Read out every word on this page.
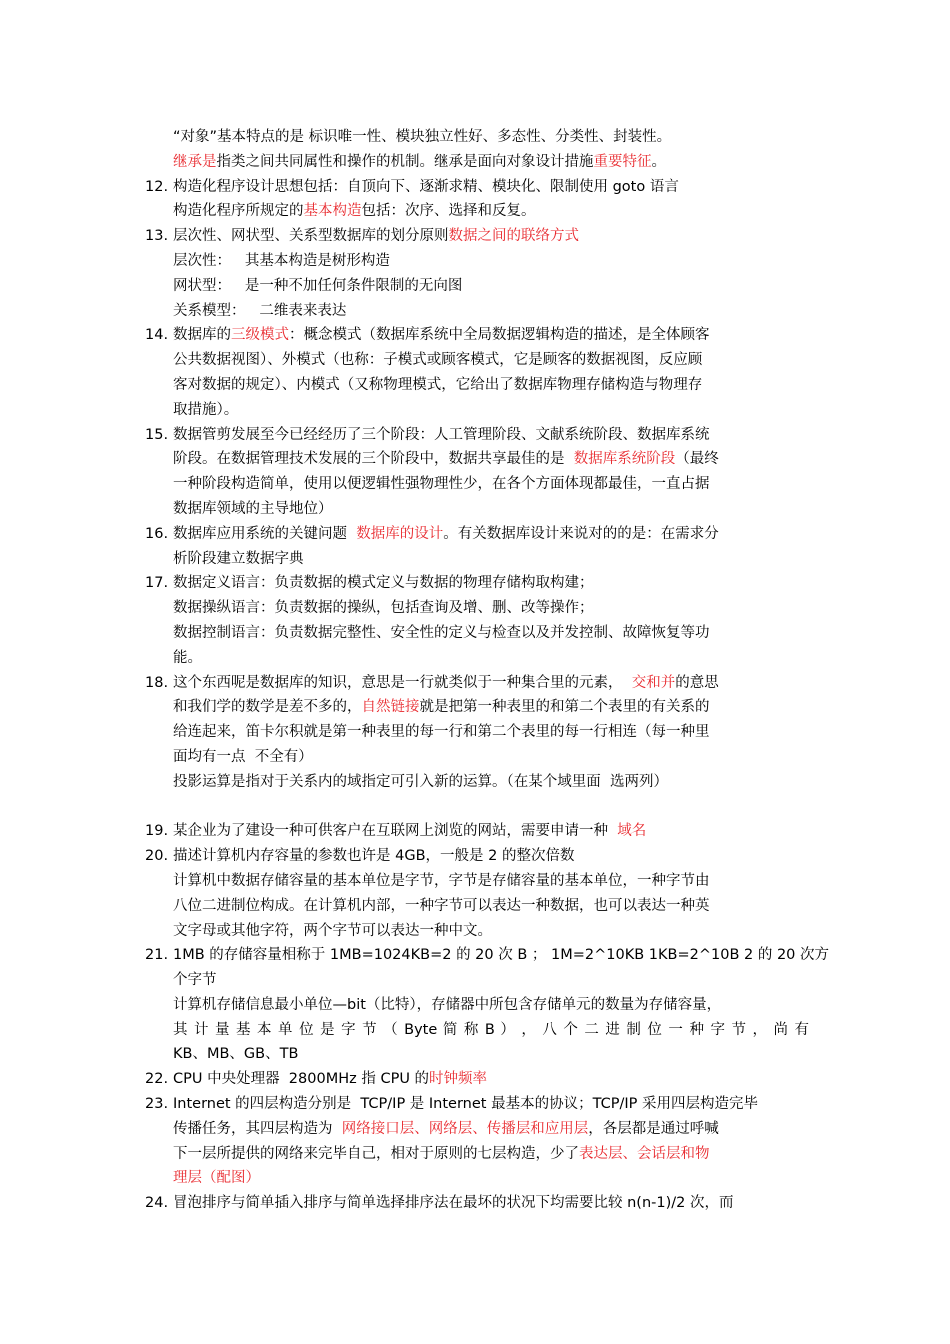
“对象”基本特点的是 标识唯一性、模块独立性好、多态性、分类性、封装性。
继承是指类之间共同属性和操作的机制。继承是面向对象设计措施重要特征。
12. 构造化程序设计思想包括：自顶向下、逐渐求精、模块化、限制使用 goto 语言
构造化程序所规定的基本构造包括：次序、选择和反复。
13. 层次性、网状型、关系型数据库的划分原则数据之间的联络方式
层次性：   其基本构造是树形构造
网状型：   是一种不加任何条件限制的无向图
关系模型：   二维表来表达
14. 数据库的三级模式：概念模式（数据库系统中全局数据逻辑构造的描述，是全体顾客
公共数据视图）、外模式（也称：子模式或顾客模式，它是顾客的数据视图，反应顾
客对数据的规定）、内模式（又称物理模式，它给出了数据库物理存储构造与物理存
取措施）。
15. 数据管剪发展至今已经经历了三个阶段：人工管理阶段、文献系统阶段、数据库系统
阶段。在数据管理技术发展的三个阶段中，数据共享最佳的是  数据库系统阶段（最终
一种阶段构造简单，使用以便逻辑性强物理性少，在各个方面体现都最佳，一直占据
数据库领域的主导地位）
16. 数据库应用系统的关键问题  数据库的设计。有关数据库设计来说对的的是：在需求分
析阶段建立数据字典
17. 数据定义语言：负责数据的模式定义与数据的物理存储构取构建；
数据操纵语言：负责数据的操纵，包括查询及增、删、改等操作；
数据控制语言：负责数据完整性、安全性的定义与检查以及并发控制、故障恢复等功
能。
18. 这个东西呢是数据库的知识，意思是一行就类似于一种集合里的元素，  交和并的意思
和我们学的数学是差不多的，自然链接就是把第一种表里的和第二个表里的有关系的
给连起来，笛卡尔积就是第一种表里的每一行和第二个表里的每一行相连（每一种里
面均有一点  不全有）
投影运算是指对于关系内的域指定可引入新的运算。（在某个域里面  选两列）
19. 某企业为了建设一种可供客户在互联网上浏览的网站，需要申请一种  域名
20. 描述计算机内存容量的参数也许是 4GB，一般是 2 的整次倍数
计算机中数据存储容量的基本单位是字节，字节是存储容量的基本单位，一种字节由
八位二进制位构成。在计算机内部，一种字节可以表达一种数据，也可以表达一种英
文字母或其他字符，两个字节可以表达一种中文。
21. 1MB 的存储容量相称于 1MB=1024KB=2 的 20 次 B ； 1M=2^10KB 1KB=2^10B 2 的 20 次方
个字节
计算机存储信息最小单位—bit（比特），存储器中所包含存储单元的数量为存储容量，
其 计 量 基 本 单 位 是 字 节 （ Byte 简 称 B ） ， 八 个 二 进 制 位 一 种 字 节 ， 尚 有
KB、MB、GB、TB
22. CPU 中央处理器  2800MHz 指 CPU 的时钟频率
23. Internet 的四层构造分别是  TCP/IP 是 Internet 最基本的协议；TCP/IP 采用四层构造完毕
传播任务，其四层构造为  网络接口层、网络层、传播层和应用层，各层都是通过呼喊
下一层所提供的网络来完毕自己，相对于原则的七层构造，少了表达层、会话层和物
理层（配图）
24. 冒泡排序与简单插入排序与简单选择排序法在最坏的状况下均需要比较 n(n-1)/2 次，而
